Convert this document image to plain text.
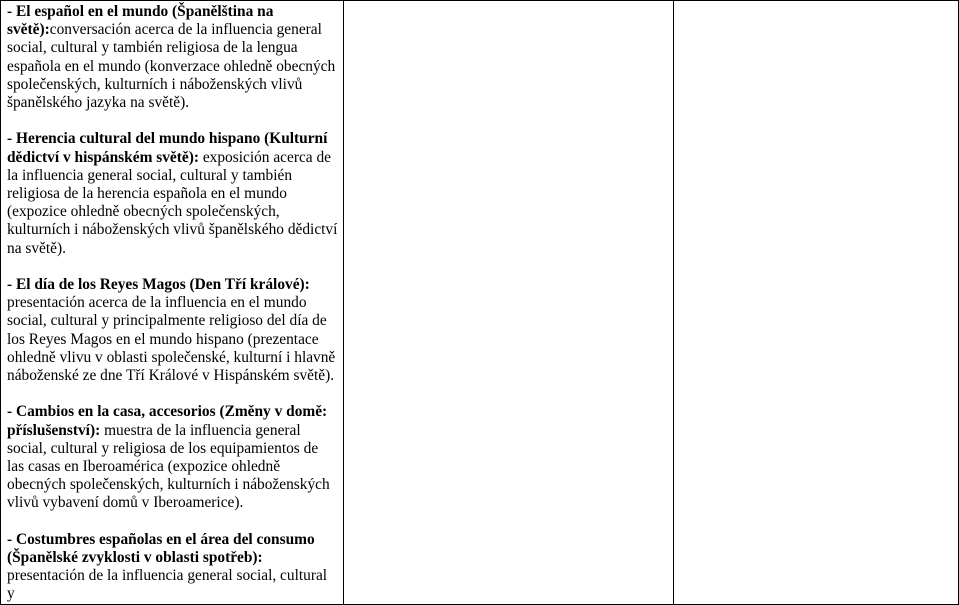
- El español en el mundo (Španělština na světě):conversación acerca de la influencia general social, cultural y también religiosa de la lengua española en el mundo (konverzace ohledně obecných společenských, kulturních i náboženských vlivů španělského jazyka na světě).

- Herencia cultural del mundo hispano (Kulturní dědictví v hispánském světě): exposición acerca de la influencia general social, cultural y también religiosa de la herencia española en el mundo (expozice ohledně obecných společenských, kulturních i náboženských vlivů španělského dědictví na světě).

- El día de los Reyes Magos (Den Tří králové): presentación acerca de la influencia en el mundo social, cultural y principalmente religioso del día de los Reyes Magos en el mundo hispano (prezentace ohledně vlivu v oblasti společenské, kulturní i hlavně náboženské ze dne Tří Králové v Hispánském světě).

- Cambios en la casa, accesorios (Změny v domě: příslušenství): muestra de la influencia general social, cultural y religiosa de los equipamientos de las casas en Iberoamérica (expozice ohledně obecných společenských, kulturních i náboženských vlivů vybavení domů v Iberoamerice).

- Costumbres españolas en el área del consumo (Španělské zvyklosti v oblasti spotřeb): presentación de la influencia general social, cultural y
